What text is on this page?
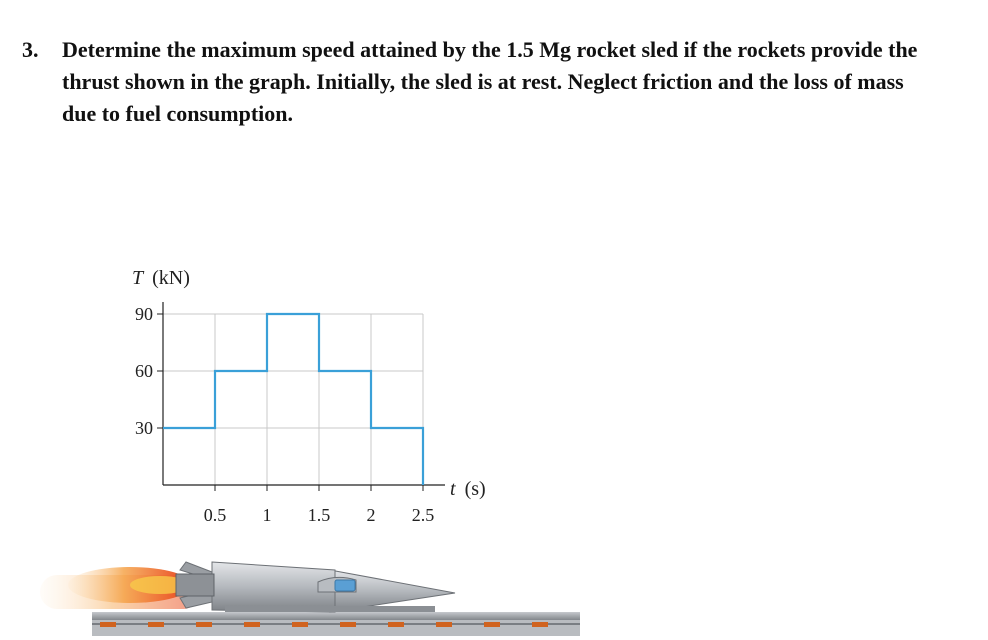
3. Determine the maximum speed attained by the 1.5 Mg rocket sled if the rockets provide the thrust shown in the graph. Initially, the sled is at rest. Neglect friction and the loss of mass due to fuel consumption.
30
60
90
0.5 1 1.5 2 2.5
T (kN)
t (s)
